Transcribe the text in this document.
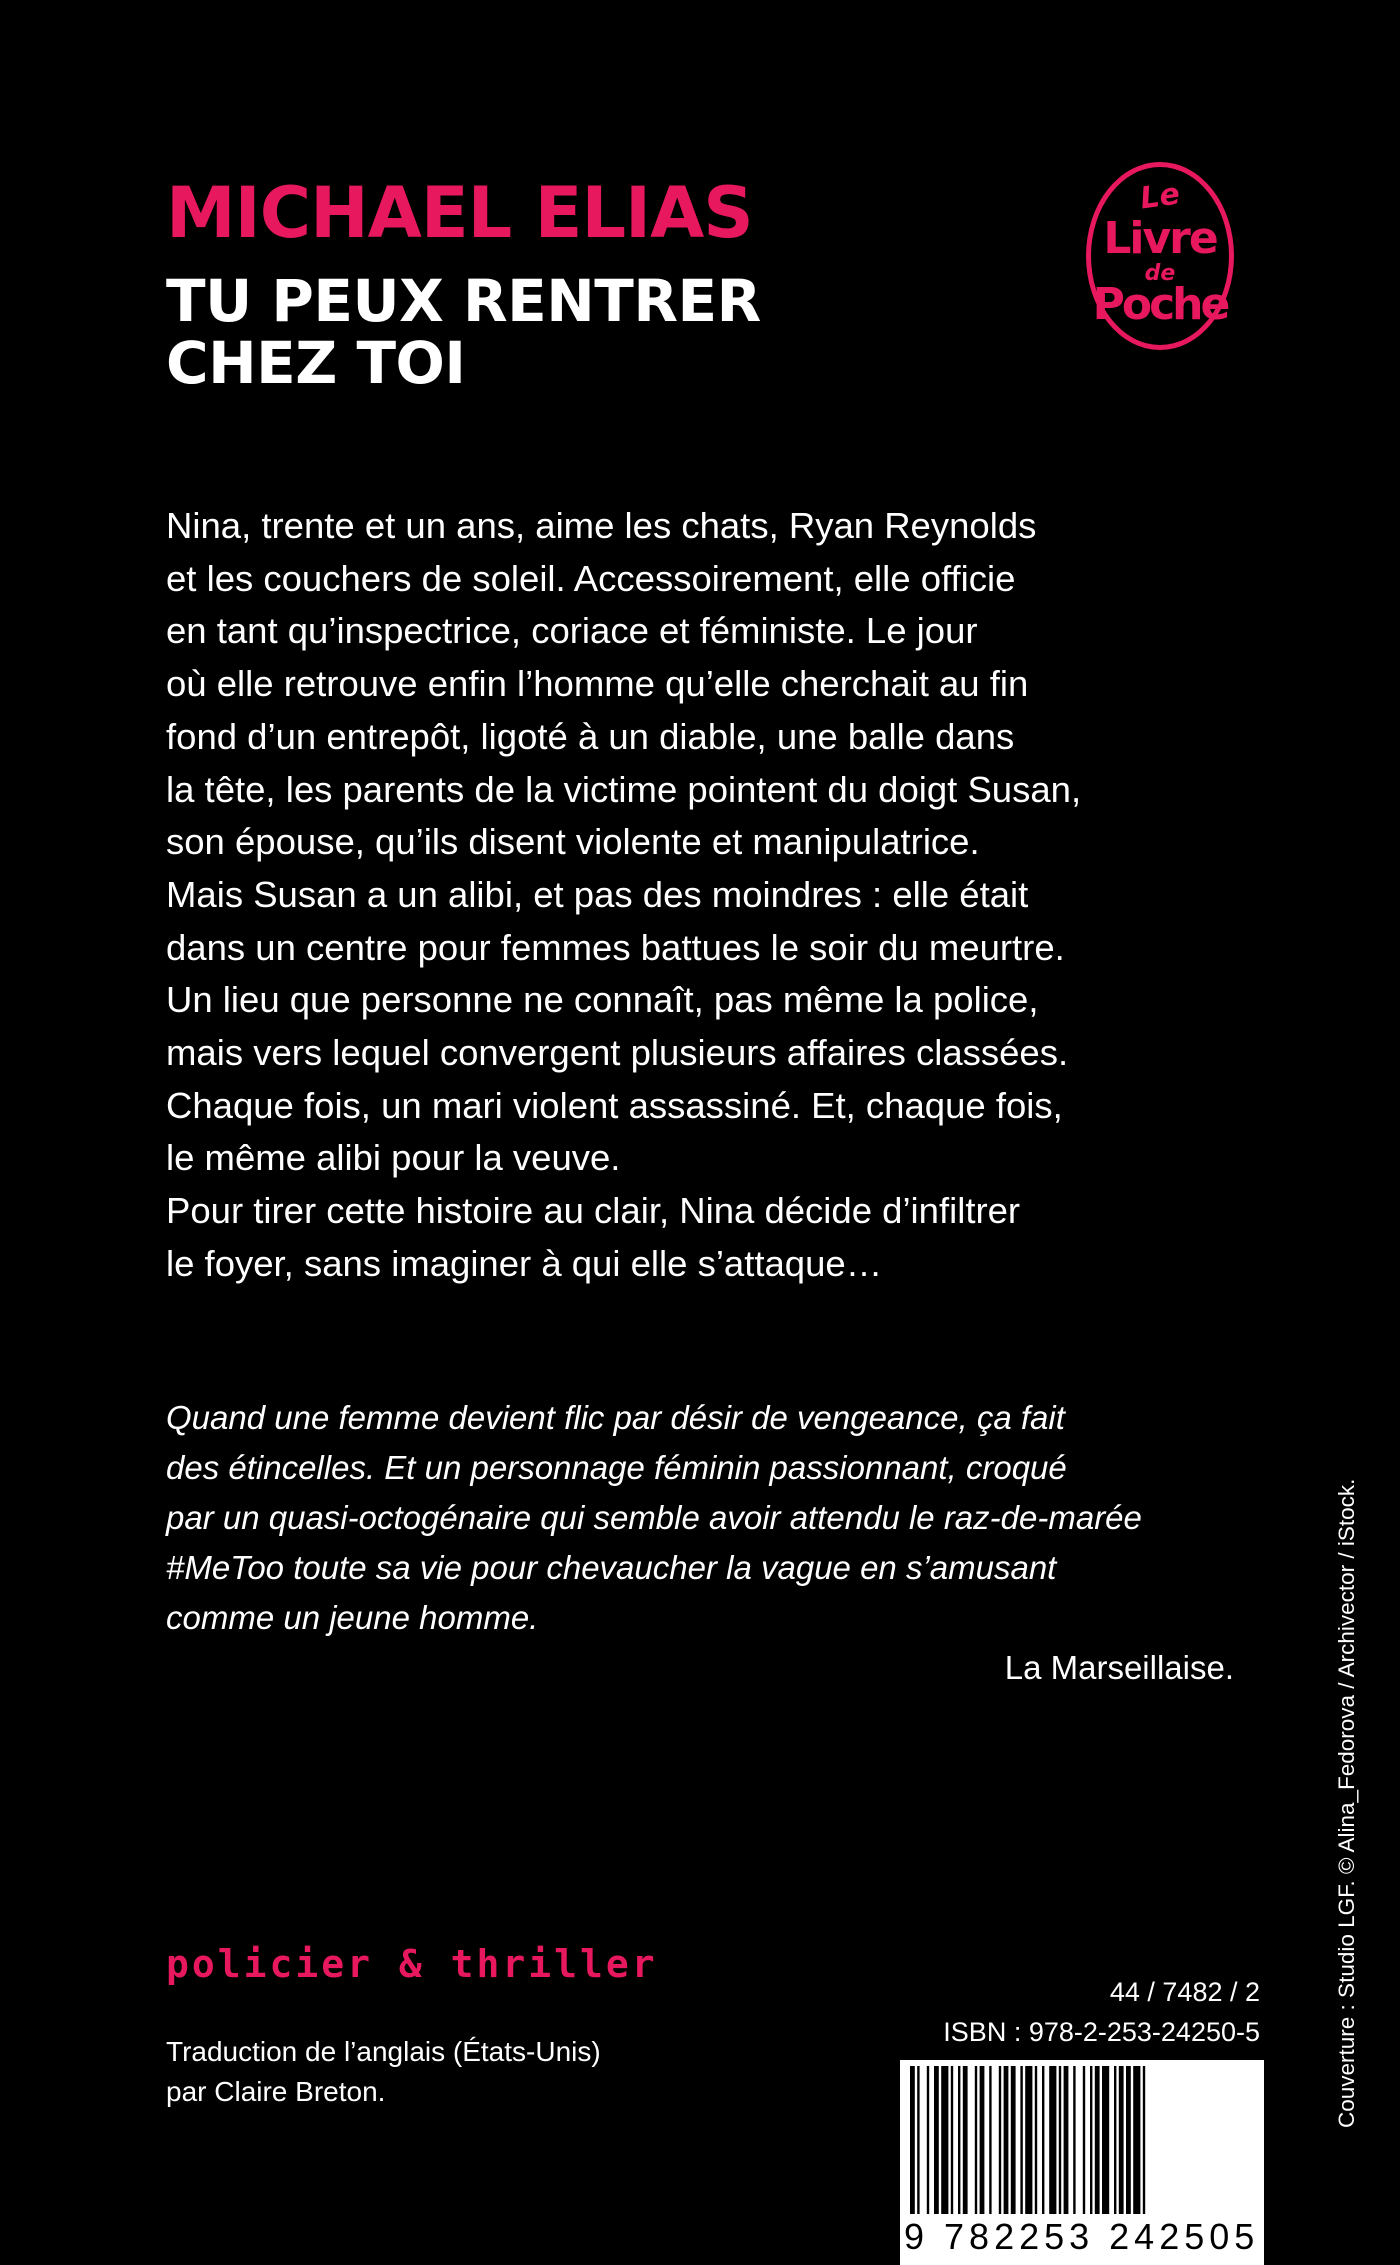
MICHAEL ELIAS
TU PEUX RENTRER
CHEZ TOI
Le
Livre
de
Poche
Nina, trente et un ans, aime les chats, Ryan Reynolds
et les couchers de soleil. Accessoirement, elle officie
en tant qu’inspectrice, coriace et féministe. Le jour
où elle retrouve enfin l’homme qu’elle cherchait au fin
fond d’un entrepôt, ligoté à un diable, une balle dans
la tête, les parents de la victime pointent du doigt Susan,
son épouse, qu’ils disent violente et manipulatrice.
Mais Susan a un alibi, et pas des moindres : elle était
dans un centre pour femmes battues le soir du meurtre.
Un lieu que personne ne connaît, pas même la police,
mais vers lequel convergent plusieurs affaires classées.
Chaque fois, un mari violent assassiné. Et, chaque fois,
le même alibi pour la veuve.
Pour tirer cette histoire au clair, Nina décide d’infiltrer
le foyer, sans imaginer à qui elle s’attaque…
Quand une femme devient flic par désir de vengeance, ça fait
des étincelles. Et un personnage féminin passionnant, croqué
par un quasi-octogénaire qui semble avoir attendu le raz-de-marée
#MeToo toute sa vie pour chevaucher la vague en s’amusant
comme un jeune homme.
La Marseillaise.
policier & thriller
Traduction de l’anglais (États-Unis)
par Claire Breton.
44 / 7482 / 2
ISBN : 978-2-253-24250-5
9 782253 242505
Couverture : Studio LGF. © Alina_Fedorova / Archivector / iStock.
